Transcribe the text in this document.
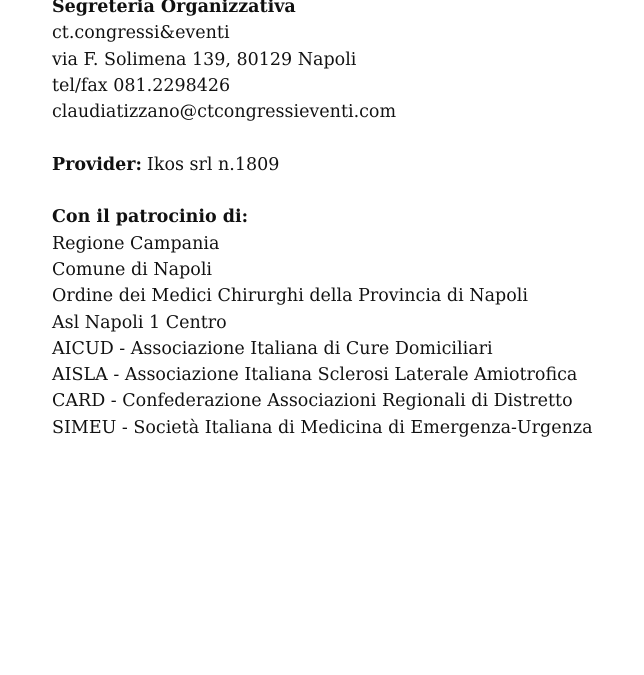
Segreteria Organizzativa
ct.congressi&eventi
via F. Solimena 139, 80129 Napoli
tel/fax 081.2298426
claudiatizzano@ctcongressieventi.com
Provider: Ikos srl n.1809
Con il patrocinio di:
Regione Campania
Comune di Napoli
Ordine dei Medici Chirurghi della Provincia di Napoli
Asl Napoli 1 Centro
AICUD - Associazione Italiana di Cure Domiciliari
AISLA - Associazione Italiana Sclerosi Laterale Amiotrofica
CARD - Confederazione Associazioni Regionali di Distretto
SIMEU - Società Italiana di Medicina di Emergenza-Urgenza
